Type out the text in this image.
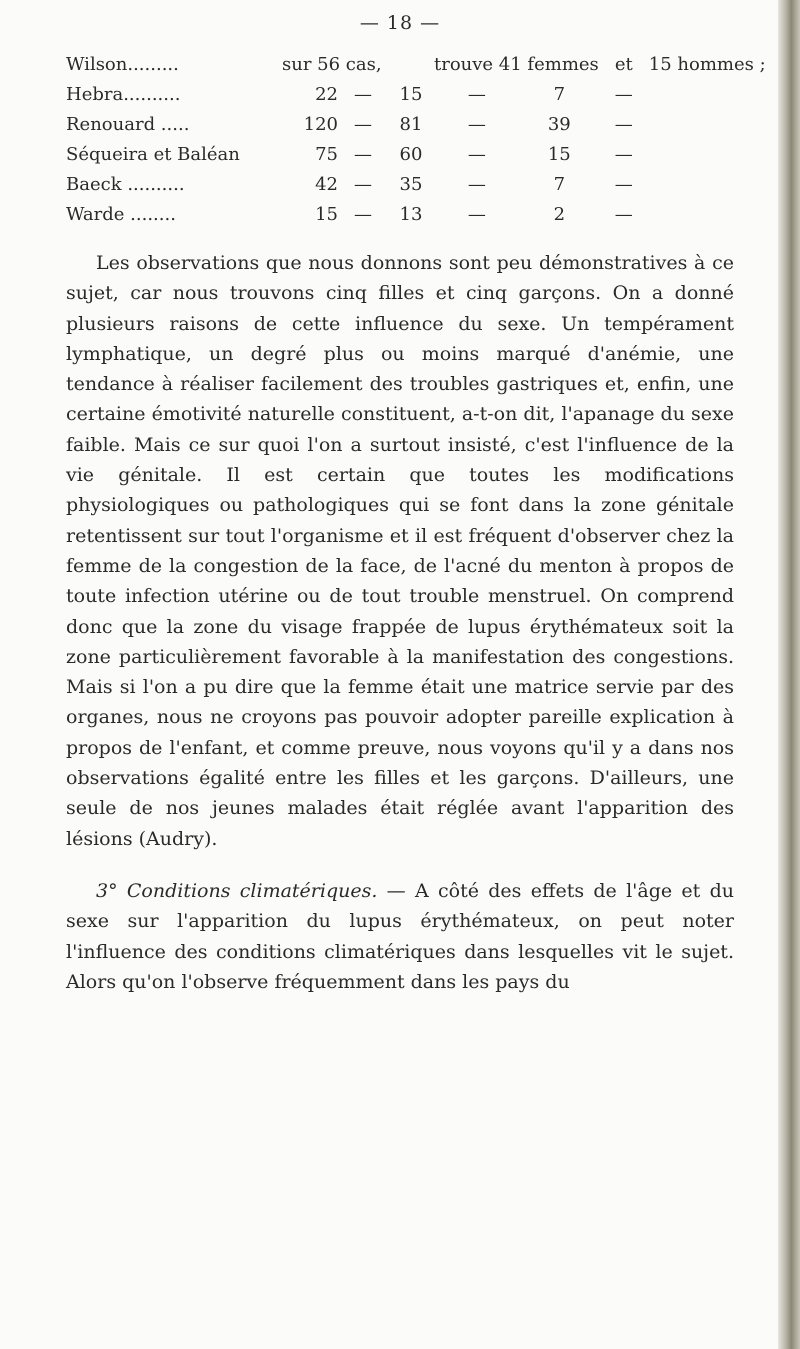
— 18 —
Wilson.........	sur 56 cas,			trouve 41 femmes		et	15 hommes ;	
Hebra..........	22	—	15	—	7	—		
Renouard .....	120	—	81	—	39	—		
Séqueira et Baléan	75	—	60	—	15	—		
Baeck ..........	42	—	35	—	7	—		
Warde ........	15	—	13	—	2	—		

Les observations que nous donnons sont peu démonstratives à ce sujet, car nous trouvons cinq filles et cinq garçons. On a donné plusieurs raisons de cette influence du sexe. Un tempérament lymphatique, un degré plus ou moins marqué d'anémie, une tendance à réaliser facilement des troubles gastriques et, enfin, une certaine émotivité naturelle constituent, a-t-on dit, l'apanage du sexe faible. Mais ce sur quoi l'on a surtout insisté, c'est l'influence de la vie génitale. Il est certain que toutes les modifications physiologiques ou pathologiques qui se font dans la zone génitale retentissent sur tout l'organisme et il est fréquent d'observer chez la femme de la congestion de la face, de l'acné du menton à propos de toute infection utérine ou de tout trouble menstruel. On comprend donc que la zone du visage frappée de lupus érythémateux soit la zone particulièrement favorable à la manifestation des congestions. Mais si l'on a pu dire que la femme était une matrice servie par des organes, nous ne croyons pas pouvoir adopter pareille explication à propos de l'enfant, et comme preuve, nous voyons qu'il y a dans nos observations égalité entre les filles et les garçons. D'ailleurs, une seule de nos jeunes malades était réglée avant l'apparition des lésions (Audry).

3° Conditions climatériques. — A côté des effets de l'âge et du sexe sur l'apparition du lupus érythémateux, on peut noter l'influence des conditions climatériques dans lesquelles vit le sujet. Alors qu'on l'observe fréquemment dans les pays du
